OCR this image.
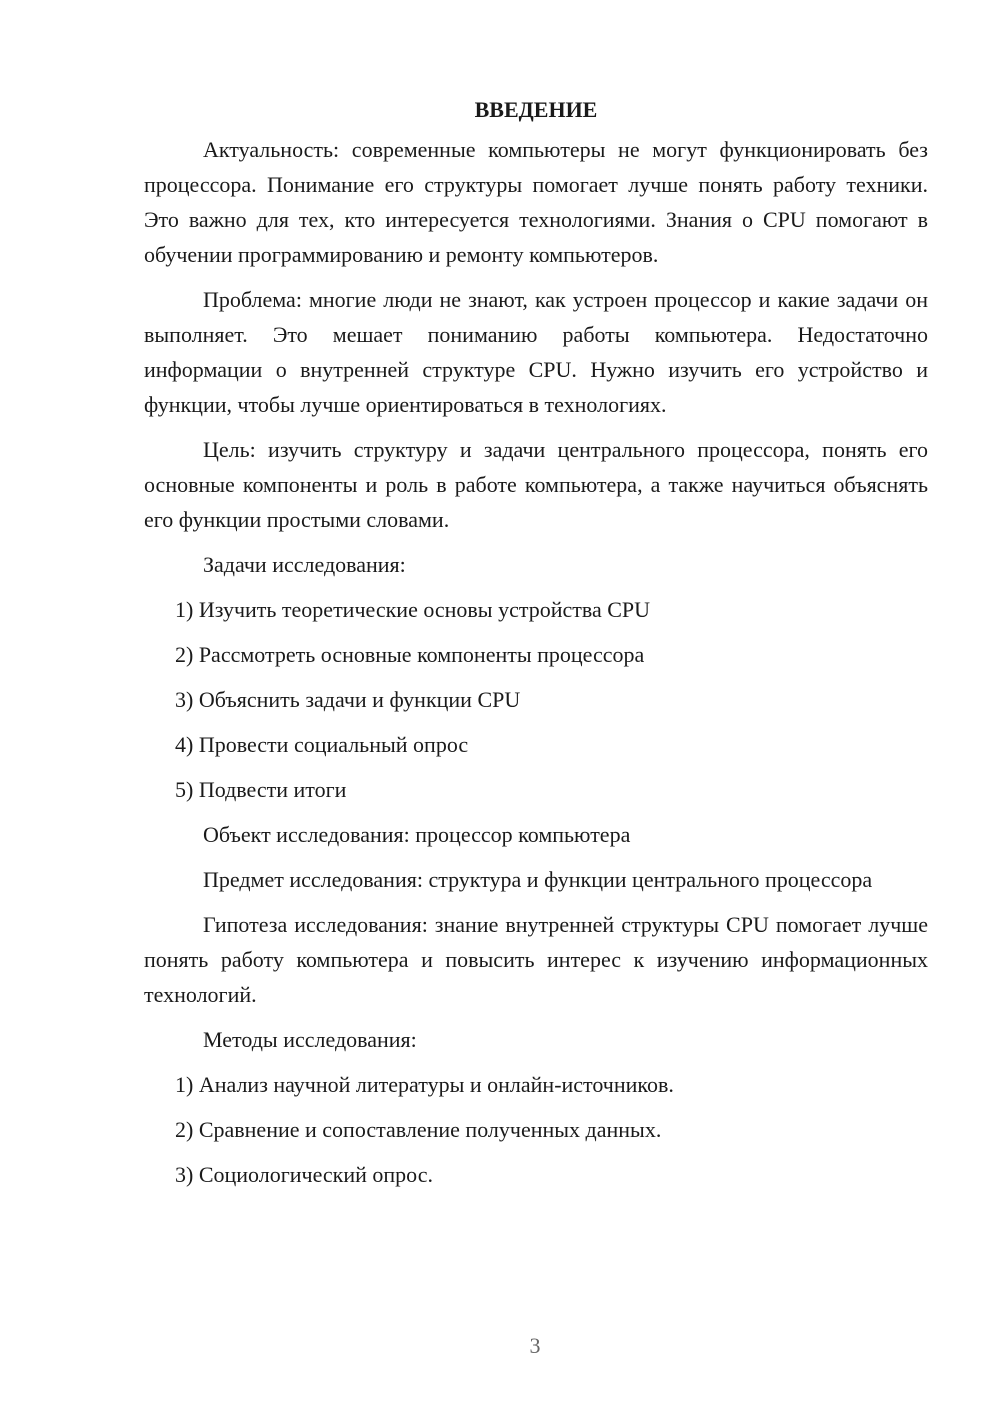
ВВЕДЕНИЕ

Актуальность: современные компьютеры не могут функционировать без процессора. Понимание его структуры помогает лучше понять работу техники. Это важно для тех, кто интересуется технологиями. Знания о CPU помогают в обучении программированию и ремонту компьютеров.

Проблема: многие люди не знают, как устроен процессор и какие задачи он выполняет. Это мешает пониманию работы компьютера. Недостаточно информации о внутренней структуре CPU. Нужно изучить его устройство и функции, чтобы лучше ориентироваться в технологиях.

Цель: изучить структуру и задачи центрального процессора, понять его основные компоненты и роль в работе компьютера, а также научиться объяснять его функции простыми словами.

Задачи исследования:

1) Изучить теоретические основы устройства CPU
2) Рассмотреть основные компоненты процессора
3) Объяснить задачи и функции CPU
4) Провести социальный опрос
5) Подвести итоги

Объект исследования: процессор компьютера

Предмет исследования: структура и функции центрального процессора

Гипотеза исследования: знание внутренней структуры CPU помогает лучше понять работу компьютера и повысить интерес к изучению информационных технологий.

Методы исследования:

1) Анализ научной литературы и онлайн-источников.
2) Сравнение и сопоставление полученных данных.
3) Социологический опрос.
3
